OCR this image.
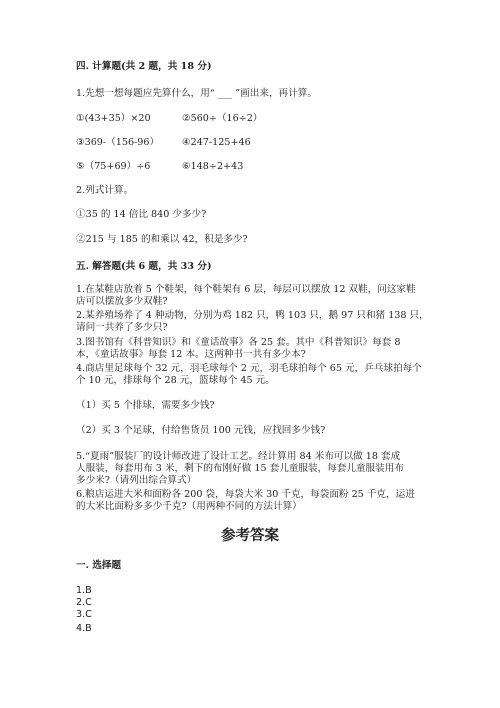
四. 计算题(共 2 题，共 18 分)
1.先想一想每题应先算什么，用“ ___ ”画出来，再计算。
①(43+35）×20	②560÷（16÷2）
③369-（156-96） ④247-125+46
⑤（75+69）÷6	⑥148÷2+43
2.列式计算。
①35 的 14 倍比 840 少多少?
②215 与 185 的和乘以 42，积是多少?
五. 解答题(共 6 题，共 33 分)
1.在某鞋店放着 5 个鞋架，每个鞋架有 6 层，每层可以摆放 12 双鞋，问这家鞋
店可以摆放多少双鞋?
2.某养殖场养了 4 种动物，分别为鸡 182 只，鸭 103 只，鹅 97 只和猪 138 只，
请问一共养了多少只?
3.图书馆有《科普知识》和《童话故事》各 25 套。其中《科普知识》每套 8
本，《童话故事》每套 12 本。这两种书一共有多少本?
4.商店里足球每个 32 元，羽毛球每个 2 元，羽毛球拍每个 65 元，乒乓球拍每个
个 10 元，排球每个 28 元，篮球每个 45 元。
（1）买 5 个排球，需要多少钱?
（2）买 3 个足球，付给售货员 100 元钱，应找回多少钱?
5.“夏雨”服装厂的设计师改进了设计工艺。经计算用 84 米布可以做 18 套成
人服装，每套用布 3 米，剩下的布刚好做 15 套儿童服装，每套儿童服装用布
多少米?（请列出综合算式）
6.粮店运进大米和面粉各 200 袋，每袋大米 30 千克，每袋面粉 25 千克，运进
的大米比面粉多多少千克?（用两种不同的方法计算）
参考答案
一. 选择题
1.B
2.C
3.C
4.B
